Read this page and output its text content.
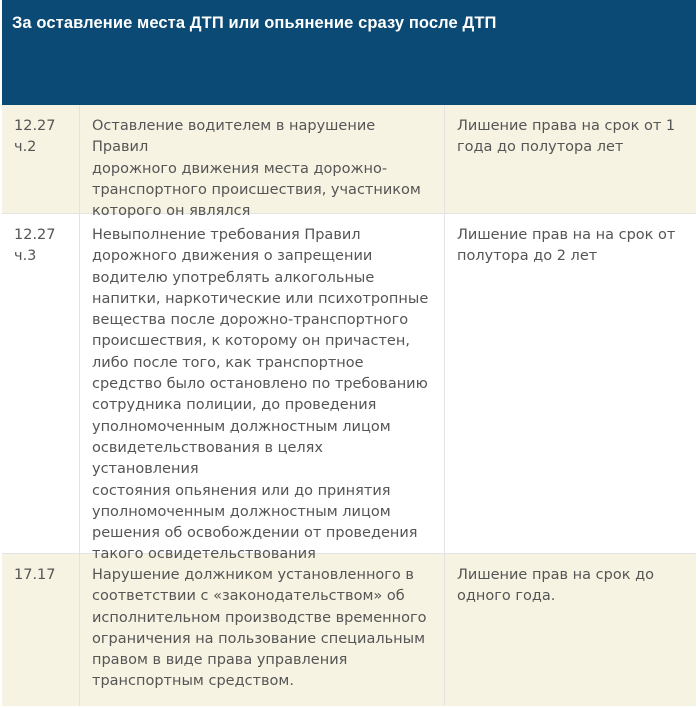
За оставление места ДТП или опьянение сразу после ДТП
12.27
ч.2
Оставление водителем в нарушение Правил
дорожного движения места дорожно-
транспортного происшествия, участником
которого он являлся
Лишение права на срок от 1
года до полутора лет
12.27
ч.3
Невыполнение требования Правил
дорожного движения о запрещении
водителю употреблять алкогольные
напитки, наркотические или психотропные
вещества после дорожно-транспортного
происшествия, к которому он причастен,
либо после того, как транспортное
средство было остановлено по требованию
сотрудника полиции, до проведения
уполномоченным должностным лицом
освидетельствования в целях установления
состояния опьянения или до принятия
уполномоченным должностным лицом
решения об освобождении от проведения
такого освидетельствования
Лишение прав на на срок от
полутора до 2 лет
17.17	Нарушение должником установленного в
соответствии с «законодательством» об
исполнительном производстве временного
ограничения на пользование специальным
правом в виде права управления
транспортным средством.
Лишение прав на срок до
одного года.
